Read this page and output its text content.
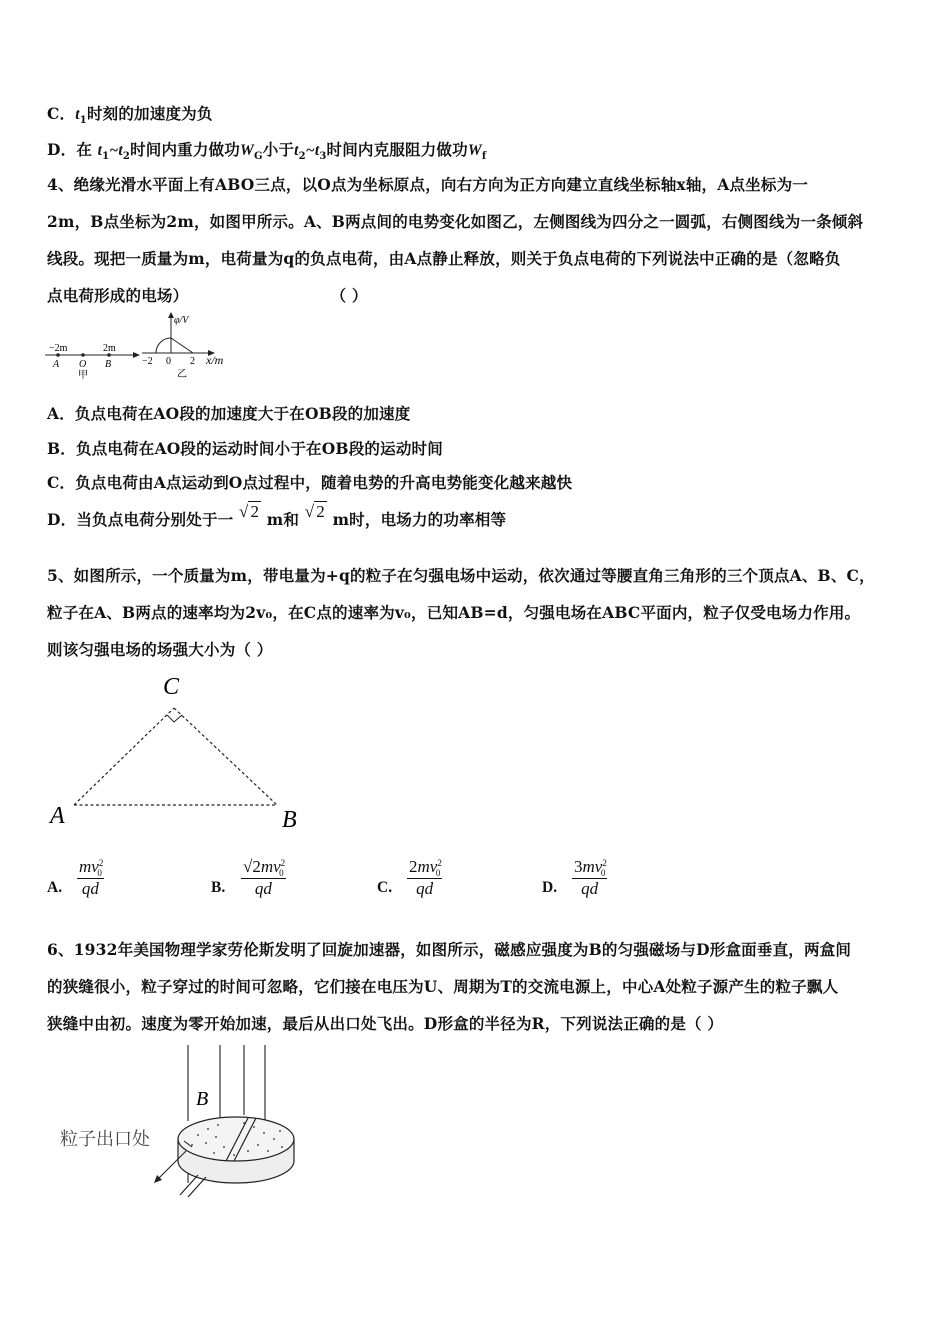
C．$t_1$时刻的加速度为负
D．在 $t_1\sim t_2$时间内重力做功$W_G$小于$t_2\sim t_3$时间内克服阻力做功$W_f$
4、绝缘光滑水平面上有ABO三点，以O点为坐标原点，向右方向为正方向建立直线坐标轴x轴，A点坐标为一
2m，B点坐标为2m，如图甲所示。A、B两点间的电势变化如图乙，左侧图线为四分之一圆弧，右侧图线为一条倾斜
线段。现把一质量为m，电荷量为q的负点电荷，由A点静止释放，则关于负点电荷的下列说法中正确的是（忽略负
点电荷形成的电场）	（ ）
−2m	2m
A O B
甲
φ/V
x/m
−2 0 2
乙
A．负点电荷在AO段的加速度大于在OB段的加速度
B．负点电荷在AO段的运动时间小于在OB段的运动时间
C．负点电荷由A点运动到O点过程中，随着电势的升高电势能变化越来越快
D．当负点电荷分别处于一 √ 2 m和 √ 2 m时，电场力的功率相等
5、如图所示，一个质量为m，带电量为+q的粒子在匀强电场中运动，依次通过等腰直角三角形的三个顶点A、B、C，
粒子在A、B两点的速率均为2v₀，在C点的速率为v₀，已知AB=d，匀强电场在ABC平面内，粒子仅受电场力作用。
则该匀强电场的场强大小为（ ）
C
A	B
A. $\frac{mv^2_0}{qd}$	B. $\frac{√2mv^2_0}{qd}$	C. $\frac{2mv^2_0}{qd}$	D. $\frac{3mv^2_0}{qd}$
6、1932年美国物理学家劳伦斯发明了回旋加速器，如图所示，磁感应强度为B的匀强磁场与D形盒面垂直，两盒间
的狭缝很小，粒子穿过的时间可忽略，它们接在电压为U、周期为T的交流电源上，中心A处粒子源产生的粒子飘人
狭缝中由初。速度为零开始加速，最后从出口处飞出。D形盒的半径为R，下列说法正确的是（ ）
B
粒子出口处
